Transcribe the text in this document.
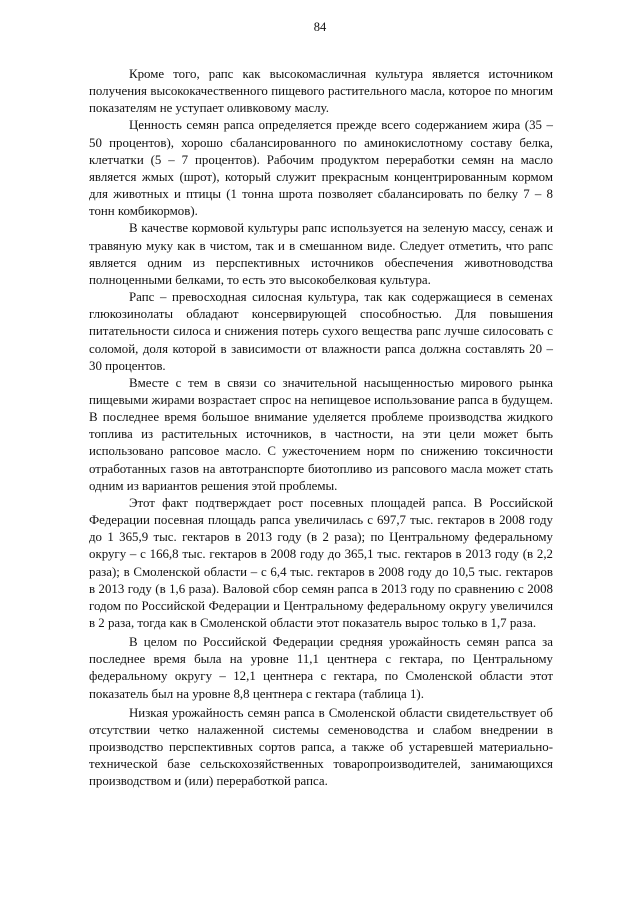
84

Кроме того, рапс как высокомасличная культура является источником получения высококачественного пищевого растительного масла, которое по многим показателям не уступает оливковому маслу.

Ценность семян рапса определяется прежде всего содержанием жира (35 – 50 процентов), хорошо сбалансированного по аминокислотному составу белка, клетчатки (5 – 7 процентов). Рабочим продуктом переработки семян на масло является жмых (шрот), который служит прекрасным концентрированным кормом для животных и птицы (1 тонна шрота позволяет сбалансировать по белку 7 – 8 тонн комбикормов).

В качестве кормовой культуры рапс используется на зеленую массу, сенаж и травяную муку как в чистом, так и в смешанном виде. Следует отметить, что рапс является одним из перспективных источников обеспечения животноводства полноценными белками, то есть это высокобелковая культура.

Рапс – превосходная силосная культура, так как содержащиеся в семенах глюкозинолаты обладают консервирующей способностью. Для повышения питательности силоса и снижения потерь сухого вещества рапс лучше силосовать с соломой, доля которой в зависимости от влажности рапса должна составлять 20 – 30 процентов.

Вместе с тем в связи со значительной насыщенностью мирового рынка пищевыми жирами возрастает спрос на непищевое использование рапса в будущем. В последнее время большое внимание уделяется проблеме производства жидкого топлива из растительных источников, в частности, на эти цели может быть использовано рапсовое масло. С ужесточением норм по снижению токсичности отработанных газов на автотранспорте биотопливо из рапсового масла может стать одним из вариантов решения этой проблемы.

Этот факт подтверждает рост посевных площадей рапса. В Российской Федерации посевная площадь рапса увеличилась с 697,7 тыс. гектаров в 2008 году до 1 365,9 тыс. гектаров в 2013 году (в 2 раза); по Центральному федеральному округу – с 166,8 тыс. гектаров в 2008 году до 365,1 тыс. гектаров в 2013 году (в 2,2 раза); в Смоленской области – с 6,4 тыс. гектаров в 2008 году до 10,5 тыс. гектаров в 2013 году (в 1,6 раза). Валовой сбор семян рапса в 2013 году по сравнению с 2008 годом по Российской Федерации и Центральному федеральному округу увеличился в 2 раза, тогда как в Смоленской области этот показатель вырос только в 1,7 раза.

В целом по Российской Федерации средняя урожайность семян рапса за последнее время была на уровне 11,1 центнера с гектара, по Центральному федеральному округу – 12,1 центнера с гектара, по Смоленской области этот показатель был на уровне 8,8 центнера с гектара (таблица 1).

Низкая урожайность семян рапса в Смоленской области свидетельствует об отсутствии четко налаженной системы семеноводства и слабом внедрении в производство перспективных сортов рапса, а также об устаревшей материально-технической базе сельскохозяйственных товаропроизводителей, занимающихся производством и (или) переработкой рапса.
